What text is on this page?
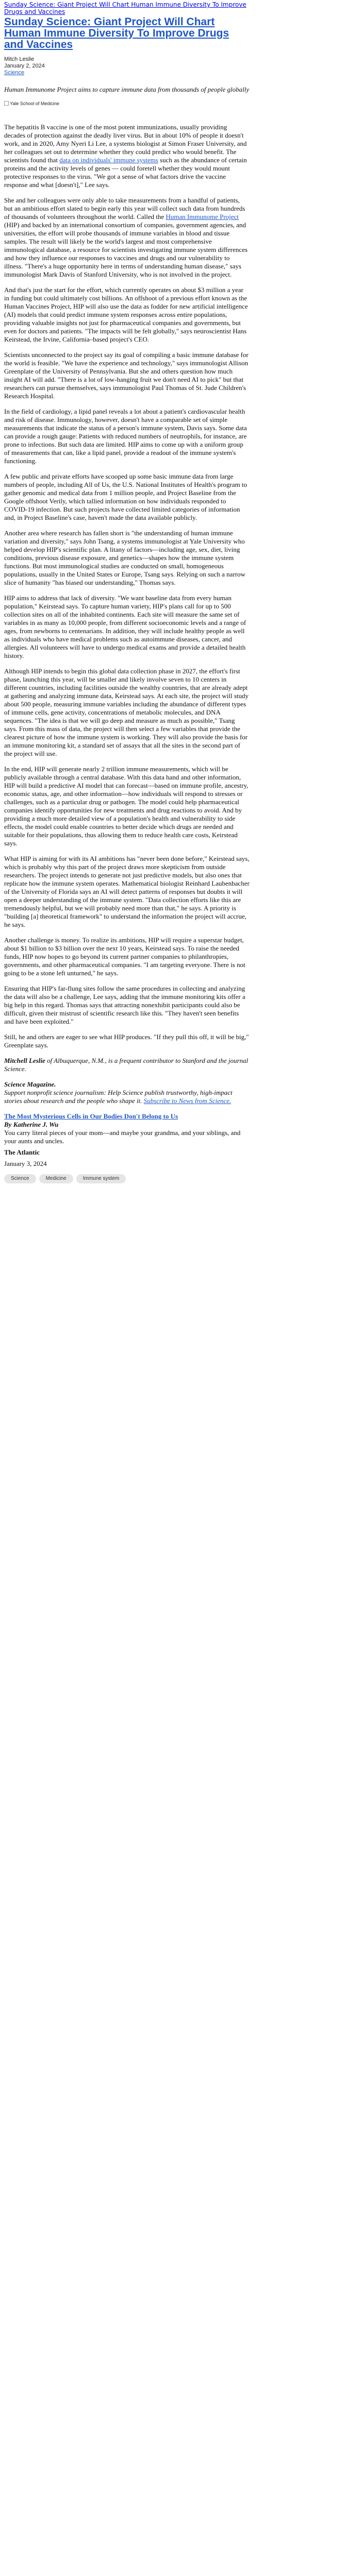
Sunday Science: Giant Project Will Chart Human Immune Diversity To Improve Drugs and Vaccines
Sunday Science: Giant Project Will Chart Human Immune Diversity To Improve Drugs and Vaccines
Mitch Leslie
January 2, 2024
Science

Human Immunome Project aims to capture immune data from thousands of people globally

Yale School of Medicine

The hepatitis B vaccine is one of the most potent immunizations, usually providing decades of protection against the deadly liver virus. But in about 10% of people it doesn't work, and in 2020, Amy Nyeri Li Lee, a systems biologist at Simon Fraser University, and her colleagues set out to determine whether they could predict who would benefit. The scientists found that data on individuals' immune systems such as the abundance of certain proteins and the activity levels of genes — could foretell whether they would mount protective responses to the virus. "We got a sense of what factors drive the vaccine response and what [doesn't]," Lee says.

She and her colleagues were only able to take measurements from a handful of patients, but an ambitious effort slated to begin early this year will collect such data from hundreds of thousands of volunteers throughout the world. Called the Human Immunome Project (HIP) and backed by an international consortium of companies, government agencies, and universities, the effort will probe thousands of immune variables in blood and tissue samples. The result will likely be the world's largest and most comprehensive immunological database, a resource for scientists investigating immune system differences and how they influence our responses to vaccines and drugs and our vulnerability to illness. "There's a huge opportunity here in terms of understanding human disease," says immunologist Mark Davis of Stanford University, who is not involved in the project.

And that's just the start for the effort, which currently operates on about $3 million a year in funding but could ultimately cost billions. An offshoot of a previous effort known as the Human Vaccines Project, HIP will also use the data as fodder for new artificial intelligence (AI) models that could predict immune system responses across entire populations, providing valuable insights not just for pharmaceutical companies and governments, but even for doctors and patients. "The impacts will be felt globally," says neuroscientist Hans Keirstead, the Irvine, California–based project's CEO.

Scientists unconnected to the project say its goal of compiling a basic immune database for the world is feasible. "We have the experience and technology," says immunologist Allison Greenplate of the University of Pennsylvania. But she and others question how much insight AI will add. "There is a lot of low-hanging fruit we don't need AI to pick" but that researchers can pursue themselves, says immunologist Paul Thomas of St. Jude Children's Research Hospital.

In the field of cardiology, a lipid panel reveals a lot about a patient's cardiovascular health and risk of disease. Immunology, however, doesn't have a comparable set of simple measurements that indicate the status of a person's immune system, Davis says. Some data can provide a rough gauge: Patients with reduced numbers of neutrophils, for instance, are prone to infections. But such data are limited. HIP aims to come up with a uniform group of measurements that can, like a lipid panel, provide a readout of the immune system's functioning.

A few public and private efforts have scooped up some basic immune data from large numbers of people, including All of Us, the U.S. National Institutes of Health's program to gather genomic and medical data from 1 million people, and Project Baseline from the Google offshoot Verily, which tallied information on how individuals responded to COVID-19 infection. But such projects have collected limited categories of information and, in Project Baseline's case, haven't made the data available publicly.

Another area where research has fallen short is "the understanding of human immune variation and diversity," says John Tsang, a systems immunologist at Yale University who helped develop HIP's scientific plan. A litany of factors—including age, sex, diet, living conditions, previous disease exposure, and genetics—shapes how the immune system functions. But most immunological studies are conducted on small, homogeneous populations, usually in the United States or Europe, Tsang says. Relying on such a narrow slice of humanity "has biased our understanding," Thomas says.

HIP aims to address that lack of diversity. "We want baseline data from every human population," Keirstead says. To capture human variety, HIP's plans call for up to 500 collection sites on all of the inhabited continents. Each site will measure the same set of variables in as many as 10,000 people, from different socioeconomic levels and a range of ages, from newborns to centenarians. In addition, they will include healthy people as well as individuals who have medical problems such as autoimmune diseases, cancer, and allergies. All volunteers will have to undergo medical exams and provide a detailed health history.

Although HIP intends to begin this global data collection phase in 2027, the effort's first phase, launching this year, will be smaller and likely involve seven to 10 centers in different countries, including facilities outside the wealthy countries, that are already adept at gathering and analyzing immune data, Keirstead says. At each site, the project will study about 500 people, measuring immune variables including the abundance of different types of immune cells, gene activity, concentrations of metabolic molecules, and DNA sequences. "The idea is that we will go deep and measure as much as possible," Tsang says. From this mass of data, the project will then select a few variables that provide the clearest picture of how the immune system is working. They will also provide the basis for an immune monitoring kit, a standard set of assays that all the sites in the second part of the project will use.

In the end, HIP will generate nearly 2 trillion immune measurements, which will be publicly available through a central database. With this data hand and other information, HIP will build a predictive AI model that can forecast—based on immune profile, ancestry, economic status, age, and other information—how individuals will respond to stresses or challenges, such as a particular drug or pathogen. The model could help pharmaceutical companies identify opportunities for new treatments and drug reactions to avoid. And by providing a much more detailed view of a population's health and vulnerability to side effects, the model could enable countries to better decide which drugs are needed and suitable for their populations, thus allowing them to reduce health care costs, Keirstead says.

What HIP is aiming for with its AI ambitions has "never been done before," Keirstead says, which is probably why this part of the project draws more skepticism from outside researchers. The project intends to generate not just predictive models, but also ones that replicate how the immune system operates. Mathematical biologist Reinhard Laubenbacher of the University of Florida says an AI will detect patterns of responses but doubts it will open a deeper understanding of the immune system. "Data collection efforts like this are tremendously helpful, but we will probably need more than that," he says. A priority is "building [a] theoretical framework" to understand the information the project will accrue, he says.

Another challenge is money. To realize its ambitions, HIP will require a superstar budget, about $1 billion to $3 billion over the next 10 years, Keirstead says. To raise the needed funds, HIP now hopes to go beyond its current partner companies to philanthropies, governments, and other pharmaceutical companies. "I am targeting everyone. There is not going to be a stone left unturned," he says.

Ensuring that HIP's far-flung sites follow the same procedures in collecting and analyzing the data will also be a challenge, Lee says, adding that the immune monitoring kits offer a big help in this regard. Thomas says that attracting nonexhibit participants could also be difficult, given their mistrust of scientific research like this. "They haven't seen benefits and have been exploited."

Still, he and others are eager to see what HIP produces. "If they pull this off, it will be big," Greenplate says.

Mitchell Leslie of Albuquerque, N.M., is a frequent contributor to Stanford and the journal Science.

Science Magazine.

Support nonprofit science journalism: Help Science publish trustworthy, high-impact stories about research and the people who shape it. Subscribe to News from Science.

The Most Mysterious Cells in Our Bodies Don't Belong to Us
By Katherine J. Wu
You carry literal pieces of your mom—and maybe your grandma, and your siblings, and your aunts and uncles.
The Atlantic
January 3, 2024
Science	Medicine	Immune system
